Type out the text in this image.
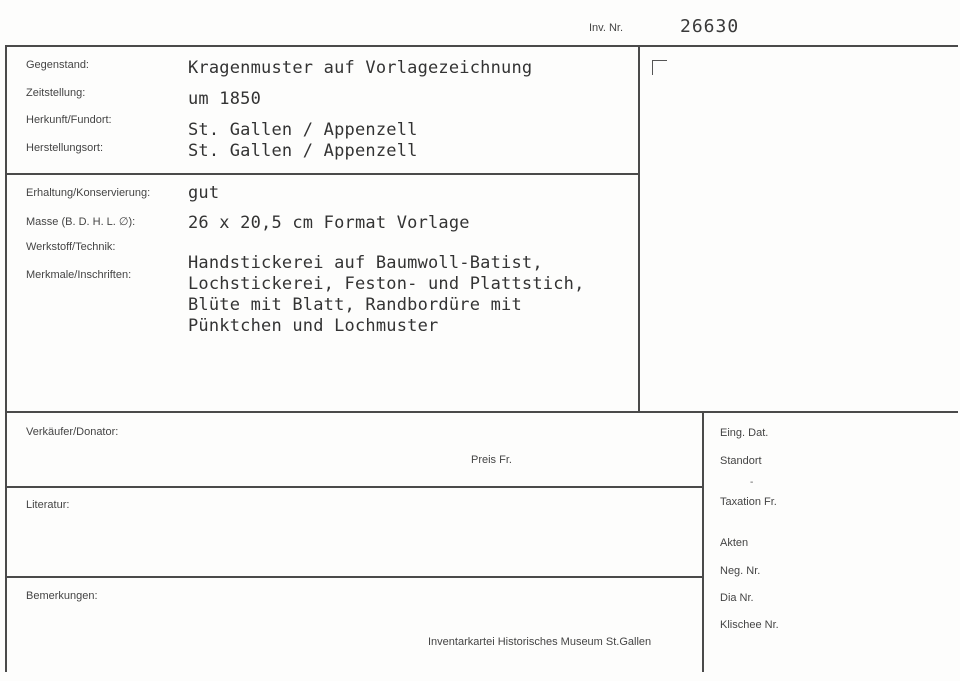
Inv. Nr.	26630
Gegenstand:
Zeitstellung:
Herkunft/Fundort:
Herstellungsort:
Kragenmuster auf Vorlagezeichnung
um 1850
St. Gallen / Appenzell
St. Gallen / Appenzell
Erhaltung/Konservierung:
Masse (B. D. H. L. ∅):
Werkstoff/Technik:
Merkmale/Inschriften:
gut
26 x 20,5 cm Format Vorlage
Handstickerei auf Baumwoll-Batist,
Lochstickerei, Feston- und Plattstich,
Blüte mit Blatt, Randbordüre mit
Pünktchen und Lochmuster
Verkäufer/Donator:
Preis Fr.
Literatur:
Bemerkungen:
Inventarkartei Historisches Museum St.Gallen
Eing. Dat.
Standort
-
Taxation Fr.
Akten
Neg. Nr.
Dia Nr.
Klischee Nr.
